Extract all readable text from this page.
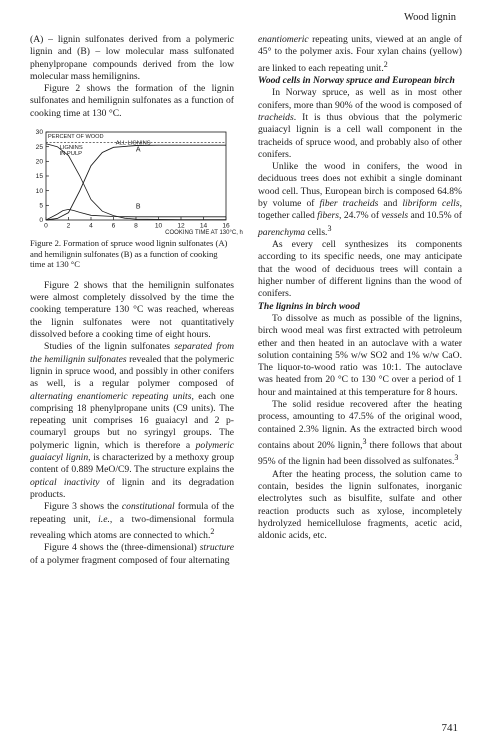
Wood lignin

(A) – lignin sulfonates derived from a polymeric lignin and (B) – low molecular mass sulfonated phenylpropane compounds derived from the low molecular mass hemilignins.

Figure 2 shows the formation of the lignin sulfonates and hemilignin sulfonates as a function of cooking time at 130 °C.

0
5
10
15
20
25
30
0	2	4	6	8	10 12 14 16
COOKING TIME AT 130°C, h
PERCENT OF WOOD
ALL LIGNINS
LIGNINS
IN PULP
A
B

Figure 2. Formation of spruce wood lignin sulfonates (A) and hemilignin sulfonates (B) as a function of cooking time at 130 °C

Figure 2 shows that the hemilignin sulfonates were almost completely dissolved by the time the cooking temperature 130 °C was reached, whereas the lignin sulfonates were not quantitatively dissolved before a cooking time of eight hours.

Studies of the lignin sulfonates separated from the hemilignin sulfonates revealed that the polymeric lignin in spruce wood, and possibly in other conifers as well, is a regular polymer composed of alternating enantiomeric repeating units, each one comprising 18 phenylpropane units (C9 units). The repeating unit comprises 16 guaiacyl and 2 p-coumaryl groups but no syringyl groups. The polymeric lignin, which is therefore a polymeric guaiacyl lignin, is characterized by a methoxy group content of 0.889 MeO/C9. The structure explains the optical inactivity of lignin and its degradation products.

Figure 3 shows the constitutional formula of the repeating unit, i.e., a two-dimensional formula revealing which atoms are connected to which.$^2$

Figure 4 shows the (three-dimensional) structure of a polymer fragment composed of four alternating

enantiomeric repeating units, viewed at an angle of 45° to the polymer axis. Four xylan chains (yellow) are linked to each repeating unit.$^2$

Wood cells in Norway spruce and European birch

In Norway spruce, as well as in most other conifers, more than 90% of the wood is composed of tracheids. It is thus obvious that the polymeric guaiacyl lignin is a cell wall component in the tracheids of spruce wood, and probably also of other conifers.

Unlike the wood in conifers, the wood in deciduous trees does not exhibit a single dominant wood cell. Thus, European birch is composed 64.8% by volume of fiber tracheids and libriform cells, together called fibers, 24.7% of vessels and 10.5% of parenchyma cells.$^3$

As every cell synthesizes its components according to its specific needs, one may anticipate that the wood of deciduous trees will contain a higher number of different lignins than the wood of conifers.

The lignins in birch wood

To dissolve as much as possible of the lignins, birch wood meal was first extracted with petroleum ether and then heated in an autoclave with a water solution containing 5% w/w SO2 and 1% w/w CaO. The liquor-to-wood ratio was 10:1. The autoclave was heated from 20 °C to 130 °C over a period of 1 hour and maintained at this temperature for 8 hours.

The solid residue recovered after the heating process, amounting to 47.5% of the original wood, contained 2.3% lignin. As the extracted birch wood contains about 20% lignin,$^3$ there follows that about 95% of the lignin had been dissolved as sulfonates.$^3$

After the heating process, the solution came to contain, besides the lignin sulfonates, inorganic electrolytes such as bisulfite, sulfate and other reaction products such as xylose, incompletely hydrolyzed hemicellulose fragments, acetic acid, aldonic acids, etc.

741
